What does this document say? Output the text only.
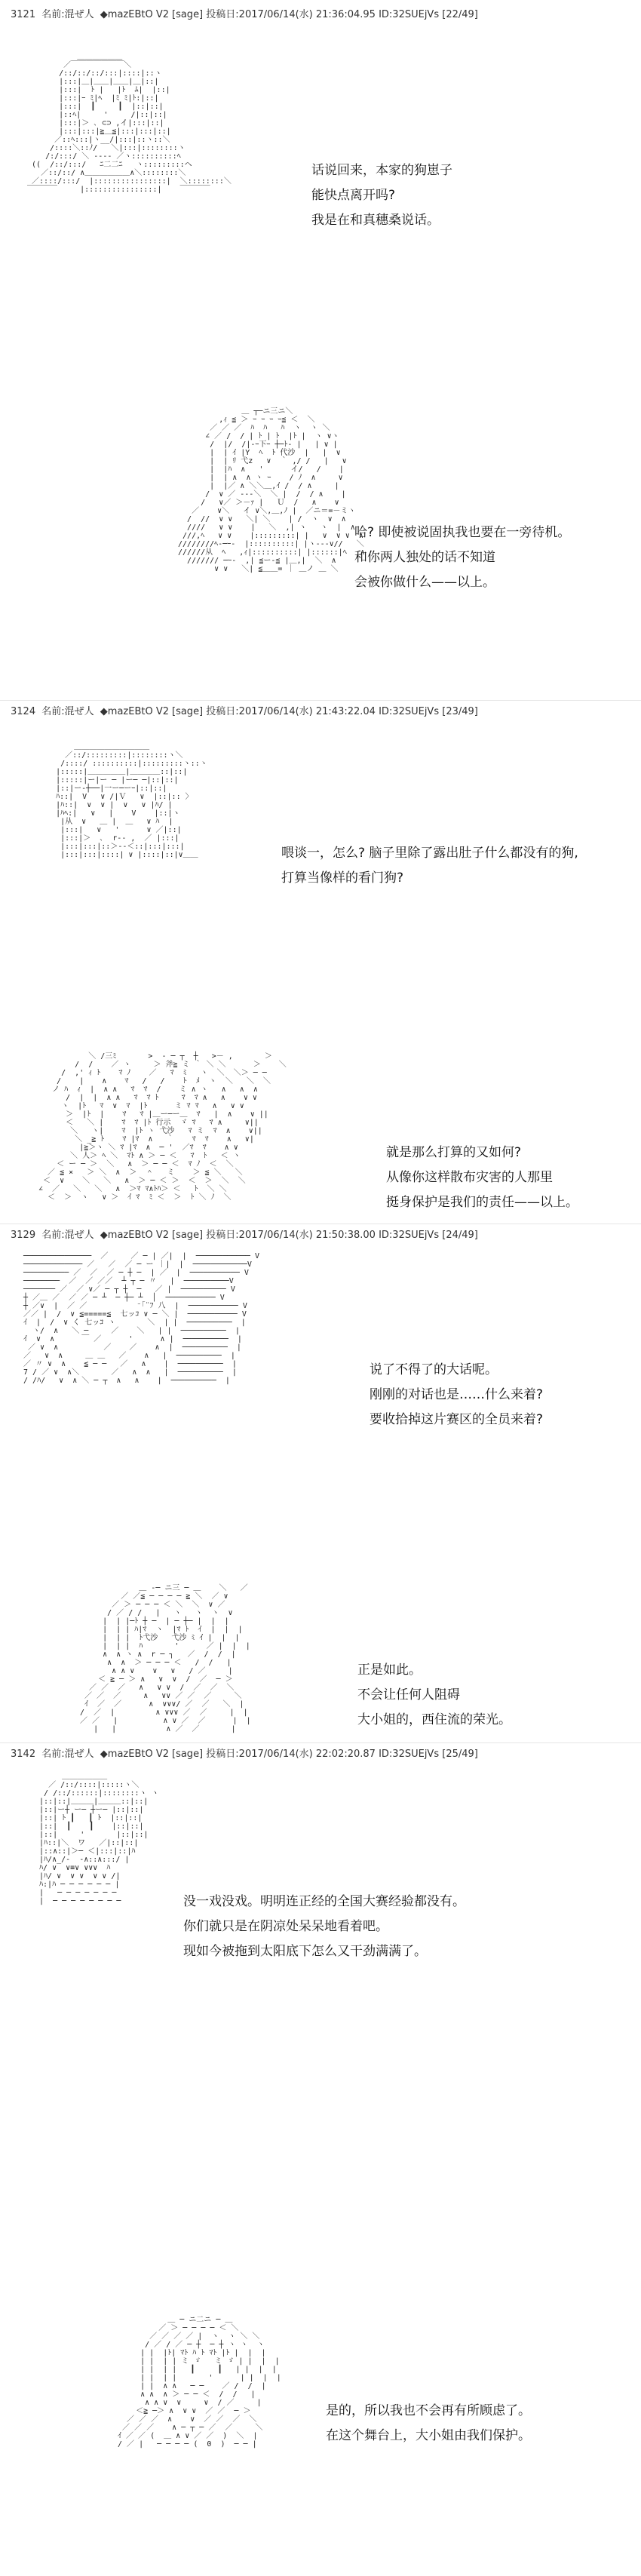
3121 名前:混ぜ人 ◆mazEBtO V2 [sage] 投稿日:2017/06/14(水) 21:36:04.95 ID:32SUEjVs [22/49]
＿＿＿＿＿＿
／￣￣￣￣￣￣￣＼
/::/::/::/:::|::::|::ヽ
|:::|＿|＿＿|＿＿|＿|::|
|:::|  ﾄ |   |ﾄ  ﾑ|  |::|
|:::|ｰ ﾐ|ﾍ  |ﾐ ﾐ|ﾄ:|::|
|:::|  ┃     ┃  |::|::|
|::ﾍ|     '     /|::|::|
|:::|＞ ､ ⊂⊃ ,イ|:::|::|
|:::|:::|≧＿≦|:::|:::|::|
／::ﾍ:::|ヽ__/|:::|::ヽ::＼
/::::＼::ﾉ/   ＼|:::|::::::::ヽ
/:/:::/ ＼ -‐‐- ／ヽ::::::::::ﾍ
((  /::/:::/   ﾆ二二ﾆ   ヽ:::::::::ヘ
／::/::/ ∧＿＿＿＿＿＿∧＼::::::::＼
／::::/:::/  |::::::::::::::::|  ＼::::::::＼
￣￣￣￣     |::::::::::::::::|    ￣￣￣￣

话说回来，本家的狗崽子
能快点离开吗?
我是在和真穗桑说话。
＿ ┬─ニ三ニ＼
,ｨ ≦ ＞ ｰ ｰ ｰ ｰ≦ ＜  ＼
／ ／ ／  ﾊ  ﾊ   ﾊ  ヽ  ヽ ＼
∠ ／ /  / | ﾄ | ﾄ  |ﾄ |  ヽ ∨ヽ
/  |/  /|-ｰ下ｰ ┼─ﾄ- |   | ∨ |
|  | ｲ |Y  ﾍ  ﾄ 代沙  |   |  ∨
|  | ﾘ 弋z   ∨  ｀ ,/ /   |   ∨
|  |ﾊ  ∧   '      イ/   /    |
|  | ∧  ∧ ヽ ｰ    / ﾉ  ∧     ∨
|  |／ ∧ ＼＼＿,ｲ /  / ∧     |
/  ∨ ／ -‐‐＼  ＼ |  /  / ∧    |
/   ∨／ ＞－ｧ |   Ｕ  /   ∧    ∨
／    ∨＼   イ ∨＼,＿,ﾉ |  ／ニ＝=－ミヽ
/  //  ∨ ∨   ＼| ＼    | /  ヽ  ∨  ∧
////   ∨ ∨    |   ＼  ,| ヽ   ヽ  |  ∧
///,ﾍ   ∨ ∨    |:::::::::| |   ∨  ∨ ∨  ∧
////////ﾍ-─ｰ-  |::::::::::| |ヽ---∨//   ＼
//////从  ﾍ   ,ｨ|::::::::::| |::::::|ﾍ   ∧
/////// ─ｰ-  ,| ≦ー‐≦ |＿,|  ＼  ∧
∨ ∨   ＼| ≦＿＿= ｜ ＿ノ ＿ ＼

哈? 即使被说固执我也要在一旁待机。
和你两人独处的话不知道
会被你做什么——以上。
3124 名前:混ぜ人 ◆mazEBtO V2 [sage] 投稿日:2017/06/14(水) 21:43:22.04 ID:32SUEjVs [23/49]
＿＿＿＿＿＿＿＿＿＿
／::/:::::::::|::::::::ヽ＼
/::::/ ::::::::::|:::::::::ヽ::ヽ
|:::::|＿＿＿＿＿|＿＿＿＿::|::|
|:::::|ー|ー ─ |ー─ ─|::|::|
|::|ー‐┼──|一ー─ーｰ|::|::|
ﾊ::|  V   ∨ /|Ｖ   ∨  |::|:: 〉
|ﾊ::|  ∨  ∨ |  ∨   ∨ |ﾊ/ |
|ﾊﾍ:|   ∨   |    V    |::|ヽ
|从  ∨   ＿ |  ＿   ∨ ﾊ  |
|:::|   ∨   '      ∨ ／|::|
|:::|＞  ､  r‐‐ ,  ／ |:::|
|:::|:::|::＞‐‐＜::|:::|:::|
|:::|:::|::::| ∨ |::::|::|∨＿＿	喂谈一，怎么? 脑子里除了露出肚子什么都没有的狗,
打算当像样的看门狗?
＼ /三ﾐ       >  ‐ ─ ┬  ┼   >－ ,       ＞
/  /    ／ ヽ     ＞ 斧≧ ミ ｀ ＼ ＼      ＞    ＼
/  ,' ｨ ﾄ    ﾏ ﾉ    ／   ﾏ  ﾐ   ヽ  ＼  ＼＞ ─ ─
/    |    ∧    ﾏ   /   /    ﾄ  ﾒ  ヽ  ＼   ＼  ＼
ノ ﾊ  ｨ  |  ∧ ∧   ﾏ  ﾏ  /    ミ ∧ ヽ   ∧   ∧  ∧
/  |  |  ∧ ∧   ﾏ  ﾏ ﾄ     ﾏ  ﾏ ∧   ∧    ∨ ∨
ヽ  |ﾄ   ﾏ  ∨  ﾏ  |ﾄ      ミ ﾏ ﾏ   ∧   ∨ ∨
＞  |ﾄ  |    ﾏ   ﾏ |＿ー─ー＿  ﾏ   |  ∧    ∨ ||
＜   ＼ |    ﾏ  ﾏ |ﾄ 行示  ゞ ﾏ   ﾏ ∧     ∨||
＼   ヽ|    ﾏ  |ﾄ ヽ 弋沙   ﾏ ミ  ﾏ  ∧    ∨||
＼ _≧ ﾄ    ﾏ |ﾏ  ∧   ｀    ﾏ  ﾏ    ∧   ∨|
|≧＞ヽ ＼ ﾏ |ﾏ  ∧  ─ '  ／ﾏ  ﾏ    ∧ ∨
＼ 人＞ ﾍ ＼  ﾏﾄ ∧ ＞ ─ ＜   ﾏ  ﾄ   ＜ ヽ
＜ ー ─ ＞  ＼   ∧  ＞ ─ ─ ＜  ﾏ ﾉ  ＜  ＼
／ ≦ ×   ＞ ＼  ∧  ＞  ＾   ミ    ＞ ≦ ＼   ＼
＜  ∨    ＼   ＼   ∧  ＞ ─ ＜ ＞  ＜  ＞  ＼  ＼
∠  ／   ＼   ＼   ∧  ＞ﾏ ﾏ∧ﾄﾊ＞ ＜   ﾄ  ＼ ＼
＜  ＞  ヽ   ∨ ＞  ｲ ﾏ  ﾐ ＜  ＞  ﾄ ＼ ﾉ  ＼

就是那么打算的又如何?
从像你这样散布灾害的人那里
挺身保护是我们的责任——以上。
3129 名前:混ぜ人 ◆mazEBtO V2 [sage] 投稿日:2017/06/14(水) 21:50:38.00 ID:32SUEjVs [24/49]
───────────────  ／     ／ ─ | ／|  |  ──────────── V
───────────── ／   ／  ／ ─ ー ｜|  |  ────────────V
────────── ／  ／  ／ ─ ┼ ─  | ／  |  ─────────── V
────────  ／  ／ ／／  ┴ ┬ ─ 〃   |  ──────────V
─────── ／  ／ ∨／ ─ ┬ ┼  ─   ／ |  ────────── V
┼ ／＿ ／  ／ ／ ─ ┴  ─ ┼─ ┴  │  ─────────── V
┼ ／∨  |  ／ ／           ⁻｢¨ﾌ 八  |  ─────────── V
／／ |  /  ∨ ≦=====≦  七ッｺ ∨ ─ ＼ |  ─────────── V
ｲ  |  /  ∨ く 七ッｺ ヽ       ＼  | |  ──────────  |
ヽ/  ∧   ＼ ─     ／    ＼   | |  ──────────  |
ｲ  ∨  ∧      ￣ ／      '      ∧ |  ──────────  |
／ ∨  ∧          ／    ／    ∧  |  ──────────  |
／   ∨  ∧     ＿ ＿   ／    ∧   |  ──────────  |
／ 〃 ∨  ∧    ≦ ─ ─   ／   ∧    |  ──────────  |
7 / ／ ∨  ∧＼       ／   ∧  ∧   |  ──────────  |
/ /ﾊ/   ∨  ∧ ＼ ─ ┬  ∧   ∧    |  ──────────  |

说了不得了的大话呢。
刚刚的对话也是……什么来着?
要收拾掉这片赛区的全员来着?
＿ -─ ニ三 ─ ＿    ＼   ／
／ ／≦ ─ ─ ─ ─ ≧ ＼  ／ ∨
／ ＞ ─ ─ ─ ＜ ＼  ＼  ∨ ／
/ ／ / /   |   ヽ   ヽ  ヽ  ∨
|  | |─ﾄ ┼ ─  | ─ ┼─ |  |  |
|  | | ﾊ|ﾏ  ヽ  |ﾏ ﾄ  ｲ  |  |  |
|  | |  ﾄ弋沙   弋沙 ﾐ ｲ |  |  |
|  | |  ﾊ       '      ／ |  |  |
∧  ∧ ヽ ∧  r ─ ┐   ／  /  /  |
∧  ∧  ＞ ─ ─ ─ ＜   /  /   |
∧ ∧ ∨    ∨   ∨   / ／     |
＜ ≧ ─ ＞ ∧   ∨  ∨  /  ／  ─ ＞
／ ／  ／   ∧   ∨ ∨  /  ／  ／  ＼
／ ／  ／     ∧   ∨∨ ／ ／  ／     ＼
ｲ  ／  ／      ∧  ∨∨∨/ ／  ／   ＼  |
/  ／  |         ∧ ∨∨∨ ／  ／     |  |
／ ／   |          ∧ ∨ ／  ／      |  |
|   |           ∧ ／  ／       |

正是如此。
不会让任何人阻碍
大小姐的，西住流的荣光。
3142 名前:混ぜ人 ◆mazEBtO V2 [sage] 投稿日:2017/06/14(水) 22:02:20.87 ID:32SUEjVs [25/49]
＿＿＿＿＿＿
／ /::/::::|:::::ヽ＼
/ /::/::::::|::::::::ヽ ヽ
|::|::|＿＿＿|＿＿＿::|::|
|::|ー┼ ー─ ┼ー─ |::|::|
|::| ﾄ ┃   ┃ ﾄ  |::|::|
|::|  ┃    ┃    |::|::|
|::|     '       |::|::|
|ﾊ::|＼  ワ   ／|::|::|
|::∧::|＞─ ＜|:::|::|ﾊ
|ﾊ/∧_/-  -∧::∧:::/ |
ﾊ/ ∨  ∨≡∨ ∨∨∨  ﾊ
|ﾊ/ ∨  ∨ ∨  ∨ ∨ /|
ﾊ:|ﾊ ─ ─ ─ ─ ─ ─ |
|   ─ ─ ─ ─ ─ ─ ─
|  ─ ─ ─ ─ ─ ─ ─ ─	没一戏没戏。明明连正经的全国大赛经验都没有。
你们就只是在阴凉处呆呆地看着吧。
现如今被拖到太阳底下怎么又干劲满满了。
＿ ─ ニ二ニ ─ ＿
／ ＞ ─ ─ ─ ─ ＜ ＼
／ ／ ／ ／ |  ヽ  ヽ ＼ ＼
/ ／ / ／ ─ ┼  ─ ┼ ヽ ヽ  ヽ
| |  |ﾄ| ﾏﾄ ﾊ ﾄ ﾏﾄ |ﾄ |  |  |
| |  | | ミ ゞ   ミ ゞ | |  |  |
| |  | |   ┃     ┃   | |  |  |
| |  | |       '      | |  |  |
| |  ∧ ∧   ─ ─    ／ /  /  |
∧ ∧  ∧ ＞ ─ ─ ＜  /  /   |
∧ ∧ ∨  ∨     ∨  / ／     |
＜≧ ─＞ ∧  ∨ ∨  ／ ／  ─ ＞
／ ／ ／  ∧    ∨  ／ ／  ／  ＼
／ ／ ／    ∧ ─ ┬ ─ ／  ／     ＼
ｲ ／ ／ (  ＿ ∧ ∨ ／ ／  )  ＼  |
/ ／ |   ─ ─ ─ ─ (  0  )  ─ ─ |

是的，所以我也不会再有所顾虑了。
在这个舞台上，大小姐由我们保护。
